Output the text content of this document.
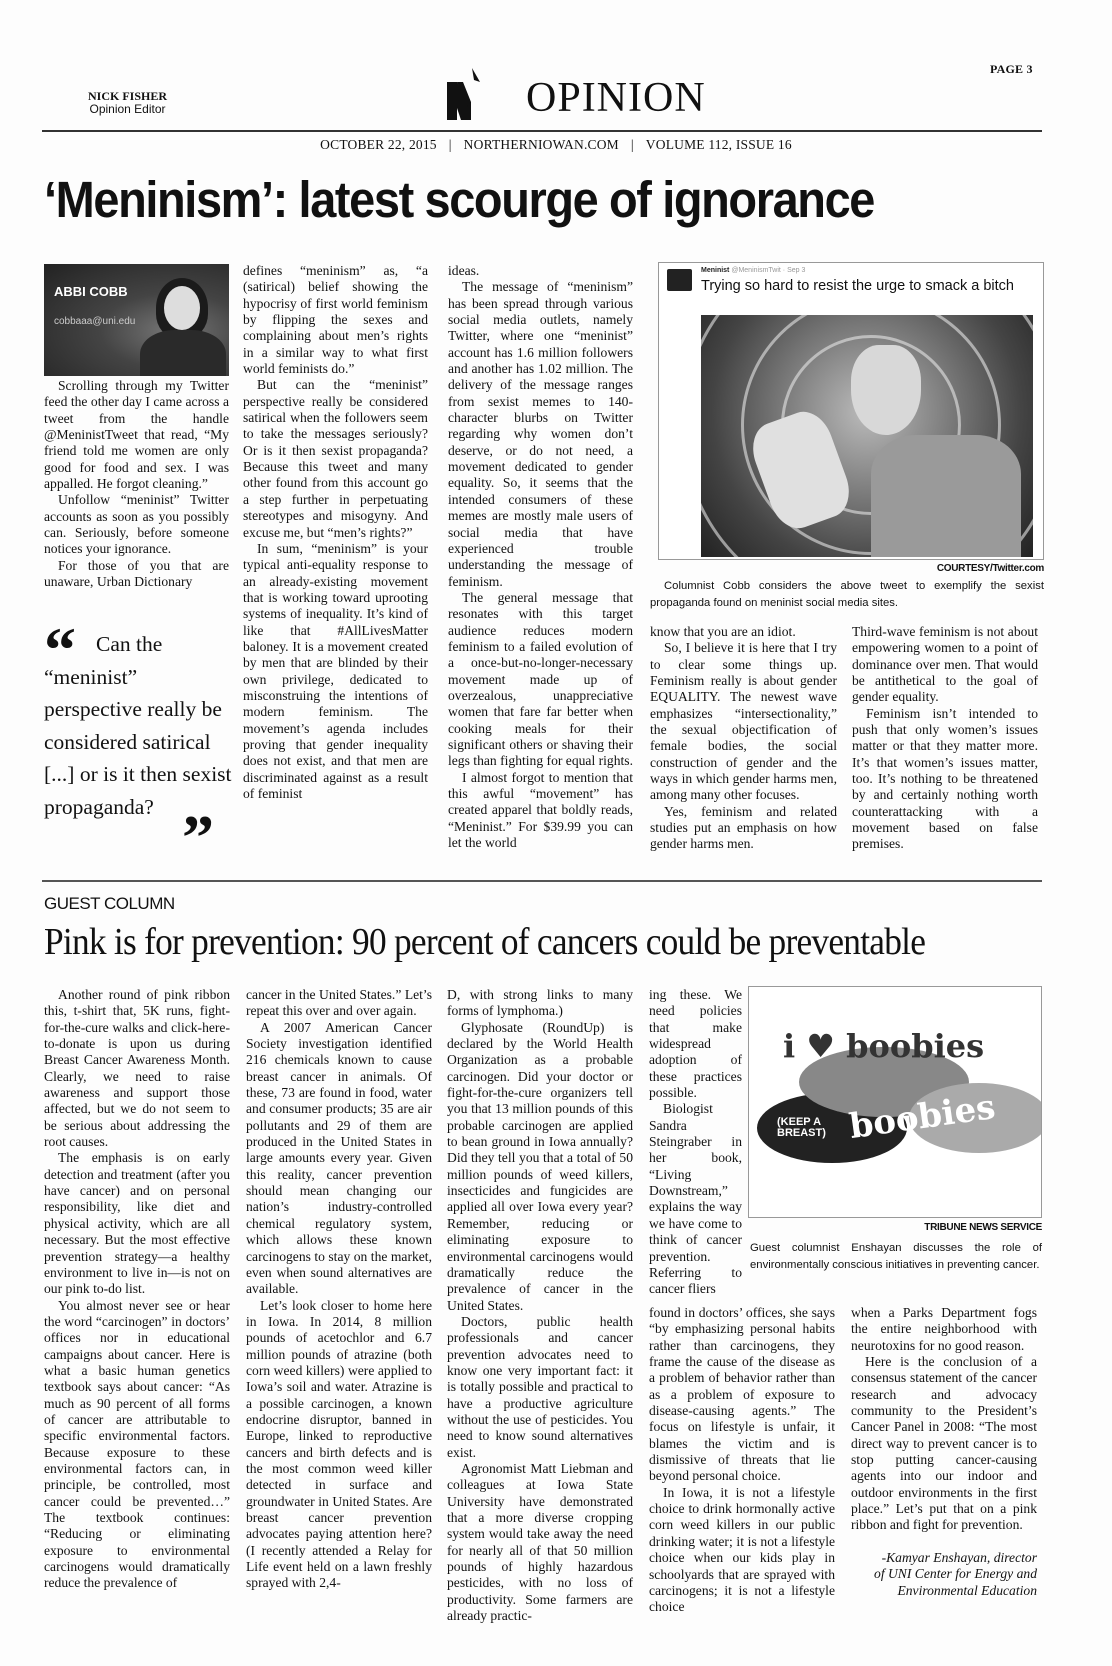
PAGE 3
NICK FISHER
Opinion Editor	OPINION
OCTOBER 22, 2015 | NORTHERNIOWAN.COM | VOLUME 112, ISSUE 16
‘Meninism’: latest scourge of ignorance
ABBI COBB
cobbaaa@uni.edu

Scrolling through my Twitter feed the other day I came across a tweet from the handle @MeninistTweet that read, “My friend told me women are only good for food and sex. I was appalled. He forgot cleaning.”

Unfollow “meninist” Twitter accounts as soon as you possibly can. Seriously, before someone notices your ignorance.

For those of you that are unaware, Urban Dictionary

“ Can the “meninist” perspective really be considered satirical [...] or is it then sexist propaganda? ”

defines “meninism” as, “a (satirical) belief showing the hypocrisy of first world feminism by flipping the sexes and complaining about men’s rights in a similar way to what first world feminists do.”

But can the “meninist” perspective really be considered satirical when the followers seem to take the messages seriously? Or is it then sexist propaganda? Because this tweet and many other found from this account go a step further in perpetuating stereotypes and misogyny. And excuse me, but “men’s rights?”

In sum, “meninism” is your typical anti-equality response to an already-existing movement that is working toward uprooting systems of inequality. It’s kind of like that #AllLivesMatter baloney. It is a movement created by men that are blinded by their own privilege, dedicated to misconstruing the intentions of modern feminism. The movement’s agenda includes proving that gender inequality does not exist, and that men are discriminated against as a result of feminist

ideas.

The message of “meninism” has been spread through various social media outlets, namely Twitter, where one “meninist” account has 1.6 million followers and another has 1.02 million. The delivery of the message ranges from sexist memes to 140-character blurbs on Twitter regarding why women don’t deserve, or do not need, a movement dedicated to gender equality. So, it seems that the intended consumers of these memes are mostly male users of social media that have experienced trouble understanding the message of feminism.

The general message that resonates with this target audience reduces modern feminism to a failed evolution of a once-but-no-longer-necessary movement made up of overzealous, unappreciative women that fare far better when cooking meals for their significant others or shaving their legs than fighting for equal rights.

I almost forgot to mention that this awful “movement” has created apparel that boldly reads, “Meninist.” For $39.99 you can let the world

Meninist @MeninismTwit · Sep 3
Trying so hard to resist the urge to smack a bitch
COURTESY/Twitter.com
Columnist Cobb considers the above tweet to exemplify the sexist propaganda found on meninist social media sites.

know that you are an idiot.

So, I believe it is here that I try to clear some things up. Feminism really is about gender EQUALITY. The newest wave emphasizes “intersectionality,” the sexual objectification of female bodies, the social construction of gender and the ways in which gender harms men, among many other focuses.

Yes, feminism and related studies put an emphasis on how gender harms men.

Third-wave feminism is not about empowering women to a point of dominance over men. That would be antithetical to the goal of gender equality.

Feminism isn’t intended to push that only women’s issues matter or that they matter more. It’s that women’s issues matter, too. It’s nothing to be threatened by and certainly nothing worth counterattacking with a movement based on false premises.

GUEST COLUMN
Pink is for prevention: 90 percent of cancers could be preventable

Another round of pink ribbon this, t-shirt that, 5K runs, fight-for-the-cure walks and click-here-to-donate is upon us during Breast Cancer Awareness Month. Clearly, we need to raise awareness and support those affected, but we do not seem to be serious about addressing the root causes.

The emphasis is on early detection and treatment (after you have cancer) and on personal responsibility, like diet and physical activity, which are all necessary. But the most effective prevention strategy—a healthy environment to live in—is not on our pink to-do list.

You almost never see or hear the word “carcinogen” in doctors’ offices nor in educational campaigns about cancer. Here is what a basic human genetics textbook says about cancer: “As much as 90 percent of all forms of cancer are attributable to specific environmental factors. Because exposure to these environmental factors can, in principle, be controlled, most cancer could be prevented…” The textbook continues: “Reducing or eliminating exposure to environmental carcinogens would dramatically reduce the prevalence of

cancer in the United States.” Let’s repeat this over and over again.

A 2007 American Cancer Society investigation identified 216 chemicals known to cause breast cancer in animals. Of these, 73 are found in food, water and consumer products; 35 are air pollutants and 29 of them are produced in the United States in large amounts every year. Given this reality, cancer prevention should mean changing our nation’s industry-controlled chemical regulatory system, which allows these known carcinogens to stay on the market, even when sound alternatives are available.

Let’s look closer to home here in Iowa. In 2014, 8 million pounds of acetochlor and 6.7 million pounds of atrazine (both corn weed killers) were applied to Iowa’s soil and water. Atrazine is a possible carcinogen, a known endocrine disruptor, banned in Europe, linked to reproductive cancers and birth defects and is the most common weed killer detected in surface and groundwater in United States. Are breast cancer prevention advocates paying attention here? (I recently attended a Relay for Life event held on a lawn freshly sprayed with 2,4-

D, with strong links to many forms of lymphoma.)

Glyphosate (RoundUp) is declared by the World Health Organization as a probable carcinogen. Did your doctor or fight-for-the-cure organizers tell you that 13 million pounds of this probable carcinogen are applied to bean ground in Iowa annually? Did they tell you that a total of 50 million pounds of weed killers, insecticides and fungicides are applied all over Iowa every year? Remember, reducing or eliminating exposure to environmental carcinogens would dramatically reduce the prevalence of cancer in the United States.

Doctors, public health professionals and cancer prevention advocates need to know one very important fact: it is totally possible and practical to have a productive agriculture without the use of pesticides. You need to know sound alternatives exist.

Agronomist Matt Liebman and colleagues at Iowa State University have demonstrated that a more diverse cropping system would take away the need for nearly all of that 50 million pounds of highly hazardous pesticides, with no loss of productivity. Some farmers are already practic-

ing these. We need policies that make widespread adoption of these practices possible.

Biologist Sandra Steingraber in her book, “Living Downstream,” explains the way we have come to think of cancer prevention. Referring to cancer fliers

i ♥ boobies
(KEEP A BREAST) boobies
TRIBUNE NEWS SERVICE
Guest columnist Enshayan discusses the role of environmentally conscious initiatives in preventing cancer.

found in doctors’ offices, she says “by emphasizing personal habits rather than carcinogens, they frame the cause of the disease as a problem of behavior rather than as a problem of exposure to disease-causing agents.” The focus on lifestyle is unfair, it blames the victim and is dismissive of threats that lie beyond personal choice.

In Iowa, it is not a lifestyle choice to drink hormonally active corn weed killers in our public drinking water; it is not a lifestyle choice when our kids play in schoolyards that are sprayed with carcinogens; it is not a lifestyle choice

when a Parks Department fogs the entire neighborhood with neurotoxins for no good reason.

Here is the conclusion of a consensus statement of the cancer research and advocacy community to the President’s Cancer Panel in 2008: “The most direct way to prevent cancer is to stop putting cancer-causing agents into our indoor and outdoor environments in the first place.” Let’s put that on a pink ribbon and fight for prevention.

-Kamyar Enshayan, director
of UNI Center for Energy and
Environmental Education
